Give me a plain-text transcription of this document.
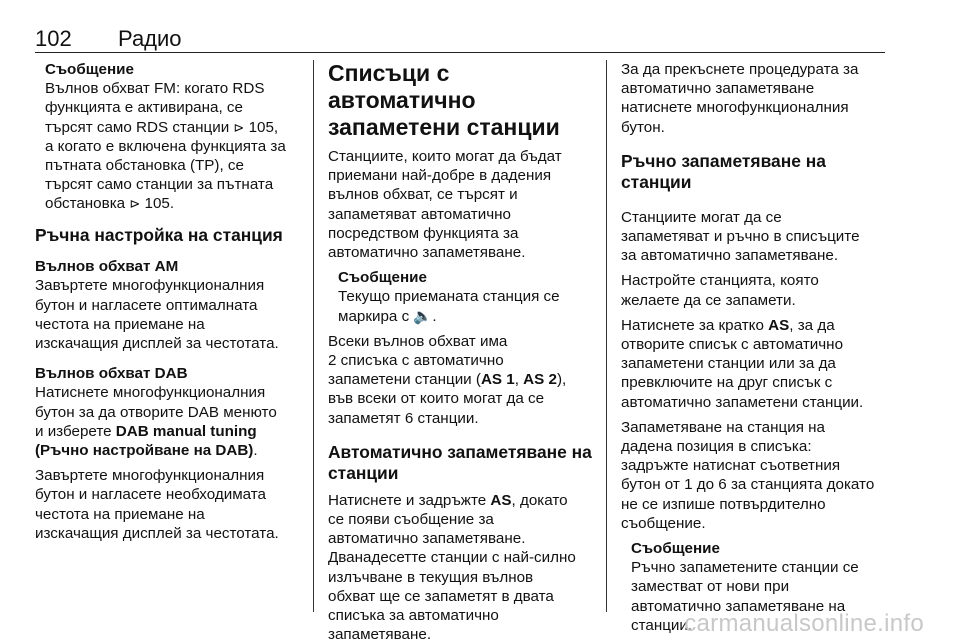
102 Радио

Съобщение

Вълнов обхват FM: когато RDS
функцията е активирана, се
търсят само RDS станции ⊳ 105,
а когато е включена функцията за
пътната обстановка (TP), се
търсят само станции за пътната
обстановка ⊳ 105.

Ръчна настройка на станция

Вълнов обхват AM

Завъртете многофункционалния
бутон и нагласете оптималната
честота на приемане на
изскачащия дисплей за честотата.

Вълнов обхват DAB

Натиснете многофункционалния
бутон за да отворите DAB менюто
и изберете DAB manual tuning
(Ръчно настройване на DAB).

Завъртете многофункционалния
бутон и нагласете необходимата
честота на приемане на
изскачащия дисплей за честотата.

Списъци с автоматично
запаметени станции

Станциите, които могат да бъдат
приемани най-добре в дадения
вълнов обхват, се търсят и
запаметяват автоматично
посредством функцията за
автоматично запаметяване.

Съобщение

Текущо приеманата станция се
маркира с 🔈.

Всеки вълнов обхват има
2 списъка с автоматично
запаметени станции (AS 1, AS 2),
във всеки от които могат да се
запаметят 6 станции.

Автоматично запаметяване на
станции

Натиснете и задръжте AS, докато
се появи съобщение за
автоматично запаметяване.
Дванадесетте станции с най-силно
излъчване в текущия вълнов
обхват ще се запаметят в двата
списъка за автоматично
запаметяване.

За да прекъснете процедурата за
автоматично запаметяване
натиснете многофункционалния
бутон.

Ръчно запаметяване на
станции

Станциите могат да се
запаметяват и ръчно в списъците
за автоматично запаметяване.

Настройте станцията, която
желаете да се запамети.

Натиснете за кратко AS, за да
отворите списък с автоматично
запаметени станции или за да
превключите на друг списък с
автоматично запаметени станции.

Запаметяване на станция на
дадена позиция в списъка:
задръжте натиснат съответния
бутон от 1 до 6 за станцията докато
не се изпише потвърдително
съобщение.

Съобщение

Ръчно запаметените станции се
заместват от нови при
автоматично запаметяване на
станции.

carmanualsonline.info
